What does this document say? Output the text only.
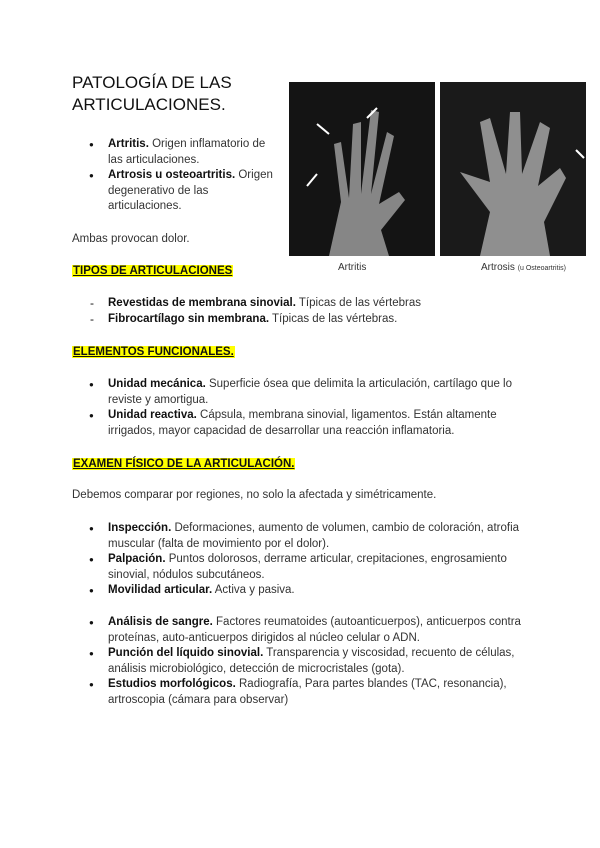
PATOLOGÍA DE LAS ARTICULACIONES.
● Artritis. Origen inflamatorio de las articulaciones.
● Artrosis u osteoartritis. Origen degenerativo de las articulaciones.
Ambas provocan dolor.
Artritis	Artrosis (u Osteoartritis)
TIPOS DE ARTICULACIONES
- Revestidas de membrana sinovial. Típicas de las vértebras
- Fibrocartílago sin membrana. Típicas de las vértebras.
ELEMENTOS FUNCIONALES.
● Unidad mecánica. Superficie ósea que delimita la articulación, cartílago que lo reviste y amortigua.
● Unidad reactiva. Cápsula, membrana sinovial, ligamentos. Están altamente irrigados, mayor capacidad de desarrollar una reacción inflamatoria.
EXAMEN FÍSICO DE LA ARTICULACIÓN.
Debemos comparar por regiones, no solo la afectada y simétricamente.
● Inspección. Deformaciones, aumento de volumen, cambio de coloración, atrofia muscular (falta de movimiento por el dolor).
● Palpación. Puntos dolorosos, derrame articular, crepitaciones, engrosamiento sinovial, nódulos subcutáneos.
● Movilidad articular. Activa y pasiva.
● Análisis de sangre. Factores reumatoides (autoanticuerpos), anticuerpos contra proteínas, auto-anticuerpos dirigidos al núcleo celular o ADN.
● Punción del líquido sinovial. Transparencia y viscosidad, recuento de células, análisis microbiológico, detección de microcristales (gota).
● Estudios morfológicos. Radiografía, Para partes blandes (TAC, resonancia), artroscopia (cámara para observar)
